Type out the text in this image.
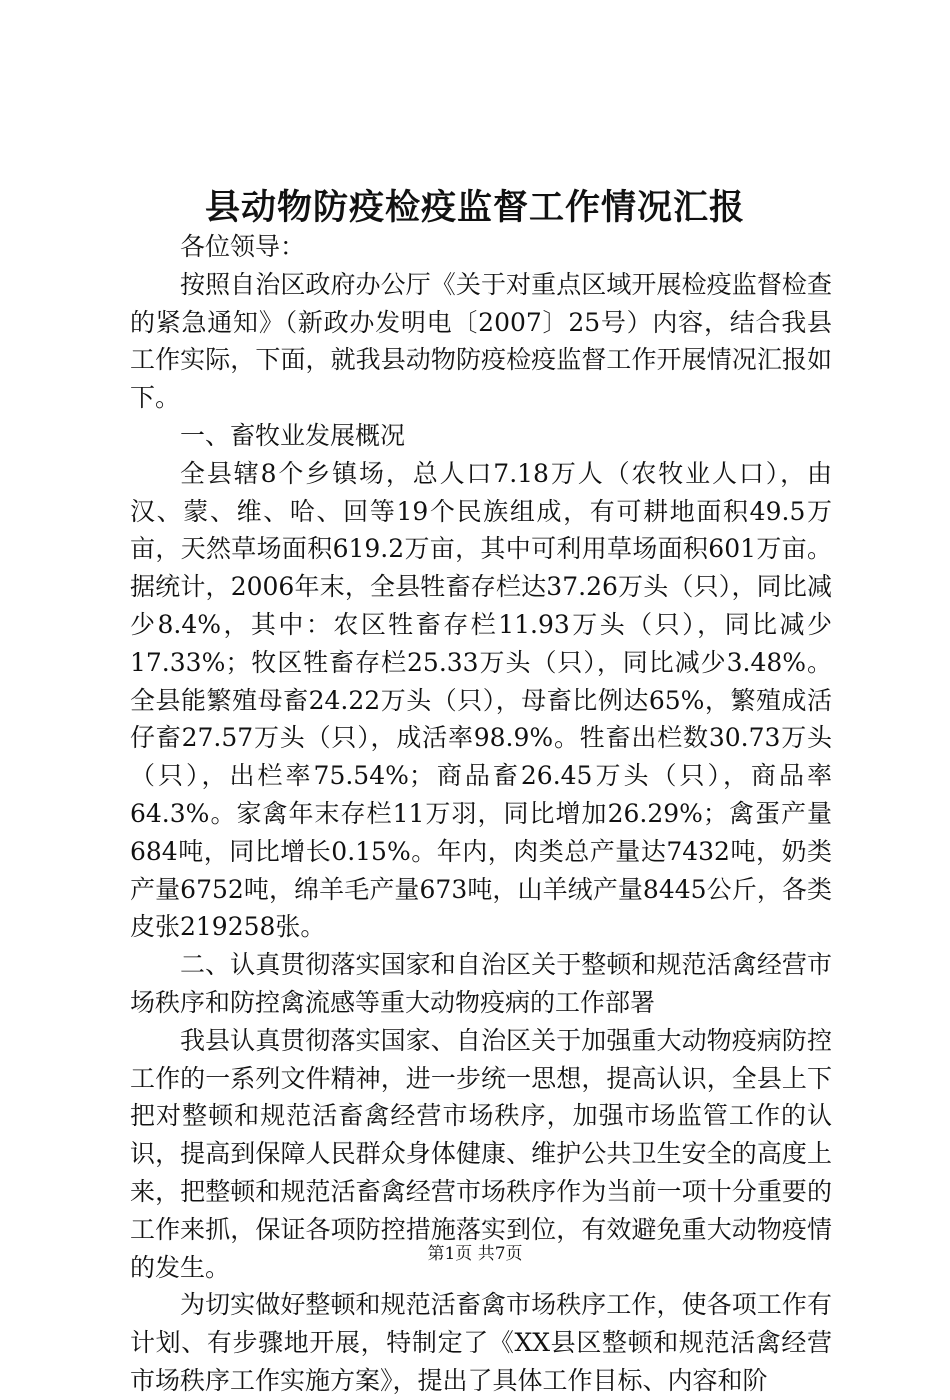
县动物防疫检疫监督工作情况汇报

各位领导：

按照自治区政府办公厅《关于对重点区域开展检疫监督检查的紧急通知》（新政办发明电〔2007〕25号）内容，结合我县工作实际，下面，就我县动物防疫检疫监督工作开展情况汇报如下。

一、畜牧业发展概况

全县辖8个乡镇场，总人口7.18万人（农牧业人口），由汉、蒙、维、哈、回等19个民族组成，有可耕地面积49.5万亩，天然草场面积619.2万亩，其中可利用草场面积601万亩。据统计，2006年末，全县牲畜存栏达37.26万头（只），同比减少8.4%，其中：农区牲畜存栏11.93万头（只），同比减少17.33%；牧区牲畜存栏25.33万头（只），同比减少3.48%。全县能繁殖母畜24.22万头（只），母畜比例达65%，繁殖成活仔畜27.57万头（只），成活率98.9%。牲畜出栏数30.73万头（只），出栏率75.54%；商品畜26.45万头（只），商品率64.3%。家禽年末存栏11万羽，同比增加26.29%；禽蛋产量684吨，同比增长0.15%。年内，肉类总产量达7432吨，奶类产量6752吨，绵羊毛产量673吨，山羊绒产量8445公斤，各类皮张219258张。

二、认真贯彻落实国家和自治区关于整顿和规范活禽经营市场秩序和防控禽流感等重大动物疫病的工作部署

我县认真贯彻落实国家、自治区关于加强重大动物疫病防控工作的一系列文件精神，进一步统一思想，提高认识，全县上下把对整顿和规范活畜禽经营市场秩序，加强市场监管工作的认识，提高到保障人民群众身体健康、维护公共卫生安全的高度上来，把整顿和规范活畜禽经营市场秩序作为当前一项十分重要的工作来抓，保证各项防控措施落实到位，有效避免重大动物疫情的发生。

为切实做好整顿和规范活畜禽市场秩序工作，使各项工作有计划、有步骤地开展，特制定了《XX县区整顿和规范活禽经营市场秩序工作实施方案》，提出了具体工作目标、内容和阶

第1页 共7页
